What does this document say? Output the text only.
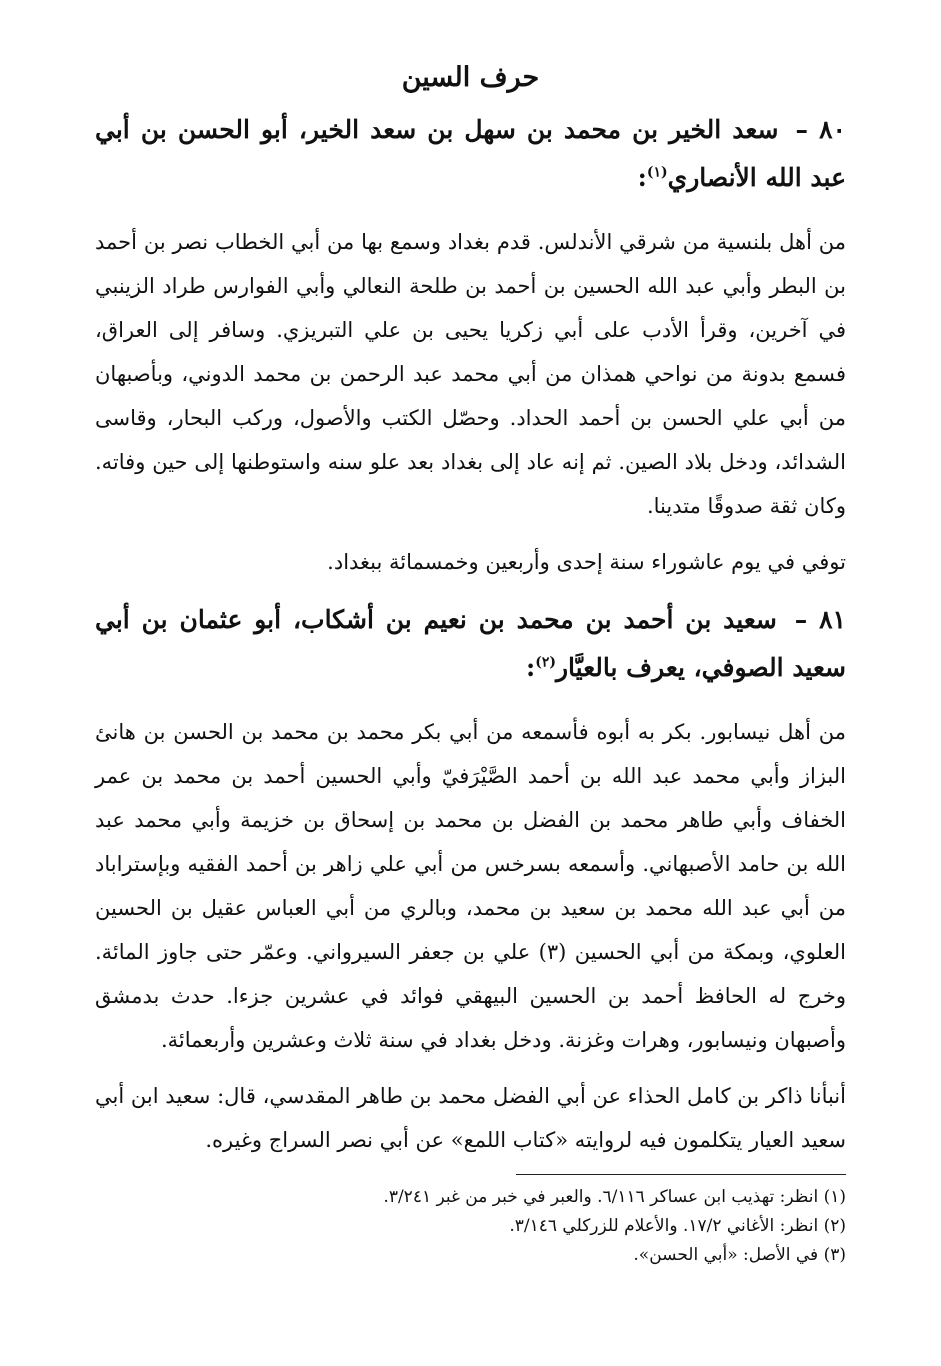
حرف السين
٨٠ – سعد الخير بن محمد بن سهل بن سعد الخير، أبو الحسن بن أبي عبد الله الأنصاري$^{(١)}$:

من أهل بلنسية من شرقي الأندلس. قدم بغداد وسمع بها من أبي الخطاب نصر بن أحمد بن البطر وأبي عبد الله الحسين بن أحمد بن طلحة النعالي وأبي الفوارس طراد الزينبي في آخرين، وقرأ الأدب على أبي زكريا يحيى بن علي التبريزي. وسافر إلى العراق، فسمع بدونة من نواحي همذان من أبي محمد عبد الرحمن بن محمد الدوني، وبأصبهان من أبي علي الحسن بن أحمد الحداد. وحصّل الكتب والأصول، وركب البحار، وقاسى الشدائد، ودخل بلاد الصين. ثم إنه عاد إلى بغداد بعد علو سنه واستوطنها إلى حين وفاته. وكان ثقة صدوقًا متدينا.

توفي في يوم عاشوراء سنة إحدى وأربعين وخمسمائة ببغداد.

٨١ – سعيد بن أحمد بن محمد بن نعيم بن أشكاب، أبو عثمان بن أبي سعيد الصوفي، يعرف بالعيَّار$^{(٢)}$:

من أهل نيسابور. بكر به أبوه فأسمعه من أبي بكر محمد بن محمد بن الحسن بن هانئ البزاز وأبي محمد عبد الله بن أحمد الصَّيْرَفيّ وأبي الحسين أحمد بن محمد بن عمر الخفاف وأبي طاهر محمد بن الفضل بن محمد بن إسحاق بن خزيمة وأبي محمد عبد الله بن حامد الأصبهاني. وأسمعه بسرخس من أبي علي زاهر بن أحمد الفقيه وبإستراباد من أبي عبد الله محمد بن سعيد بن محمد، وبالري من أبي العباس عقيل بن الحسين العلوي، وبمكة من أبي الحسين (٣) علي بن جعفر السيرواني. وعمّر حتى جاوز المائة. وخرج له الحافظ أحمد بن الحسين البيهقي فوائد في عشرين جزءا. حدث بدمشق وأصبهان ونيسابور، وهرات وغزنة. ودخل بغداد في سنة ثلاث وعشرين وأربعمائة.

أنبأنا ذاكر بن كامل الحذاء عن أبي الفضل محمد بن طاهر المقدسي، قال: سعيد ابن أبي سعيد العيار يتكلمون فيه لروايته «كتاب اللمع» عن أبي نصر السراج وغيره.

(١) انظر: تهذيب ابن عساكر ٦/١١٦. والعبر في خبر من غبر ٣/٢٤١.
(٢) انظر: الأغاني ١٧/٢. والأعلام للزركلي ٣/١٤٦.
(٣) في الأصل: «أبي الحسن».
